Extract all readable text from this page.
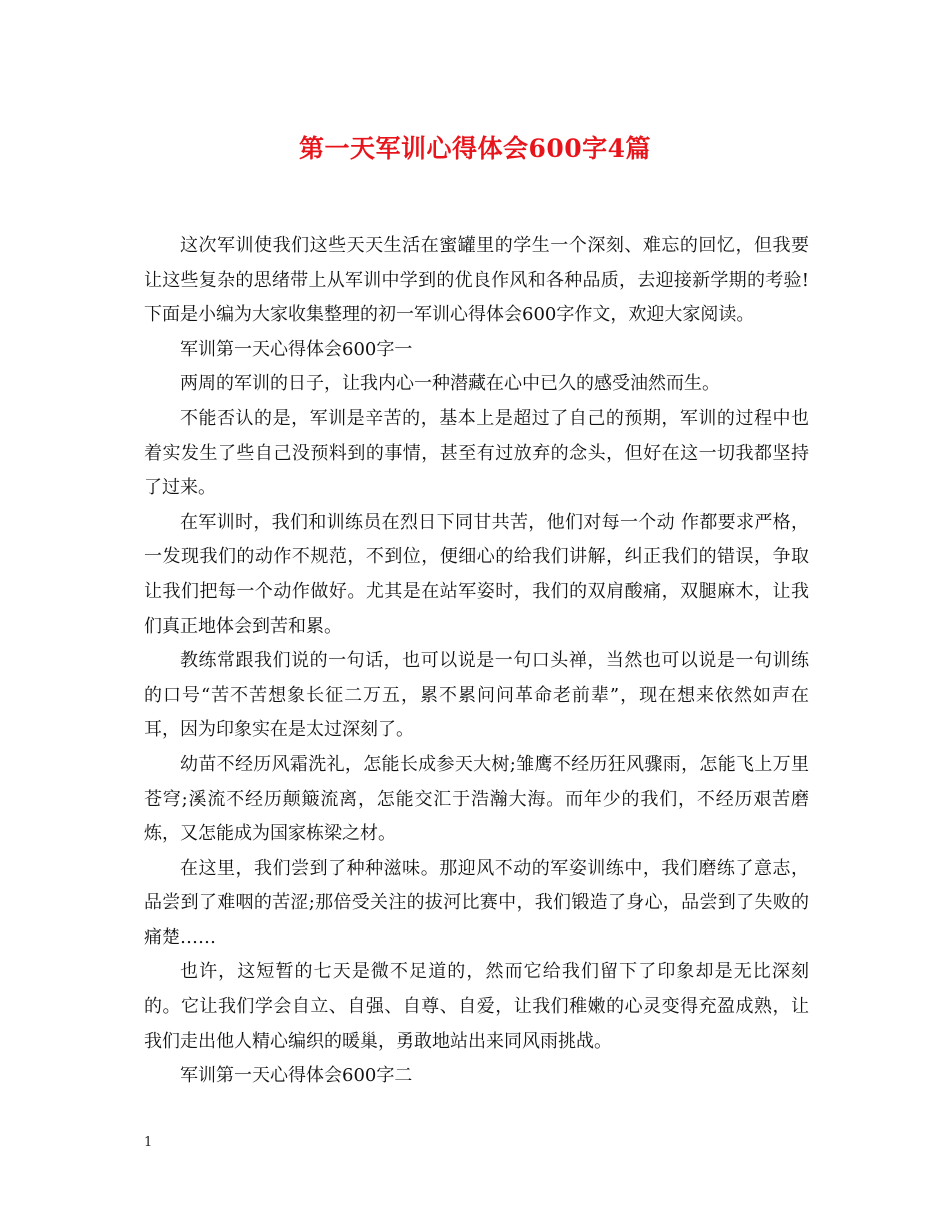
第一天军训心得体会600字4篇

这次军训使我们这些天天生活在蜜罐里的学生一个深刻、难忘的回忆，但我要让这些复杂的思绪带上从军训中学到的优良作风和各种品质，去迎接新学期的考验!下面是小编为大家收集整理的初一军训心得体会600字作文，欢迎大家阅读。

军训第一天心得体会600字一

两周的军训的日子，让我内心一种潜藏在心中已久的感受油然而生。

不能否认的是，军训是辛苦的，基本上是超过了自己的预期，军训的过程中也着实发生了些自己没预料到的事情，甚至有过放弃的念头，但好在这一切我都坚持了过来。

在军训时，我们和训练员在烈日下同甘共苦，他们对每一个动 作都要求严格，一发现我们的动作不规范，不到位，便细心的给我们讲解，纠正我们的错误，争取让我们把每一个动作做好。尤其是在站军姿时，我们的双肩酸痛，双腿麻木，让我们真正地体会到苦和累。

教练常跟我们说的一句话，也可以说是一句口头禅，当然也可以说是一句训练的口号“苦不苦想象长征二万五，累不累问问革命老前辈”，现在想来依然如声在耳，因为印象实在是太过深刻了。

幼苗不经历风霜洗礼，怎能长成参天大树;雏鹰不经历狂风骤雨，怎能飞上万里苍穹;溪流不经历颠簸流离，怎能交汇于浩瀚大海。而年少的我们，不经历艰苦磨炼，又怎能成为国家栋梁之材。

在这里，我们尝到了种种滋味。那迎风不动的军姿训练中，我们磨练了意志，品尝到了难咽的苦涩;那倍受关注的拔河比赛中，我们锻造了身心，品尝到了失败的痛楚……

也许，这短暂的七天是微不足道的，然而它给我们留下了印象却是无比深刻的。它让我们学会自立、自强、自尊、自爱，让我们稚嫩的心灵变得充盈成熟，让我们走出他人精心编织的暖巢，勇敢地站出来同风雨挑战。

军训第一天心得体会600字二

1
